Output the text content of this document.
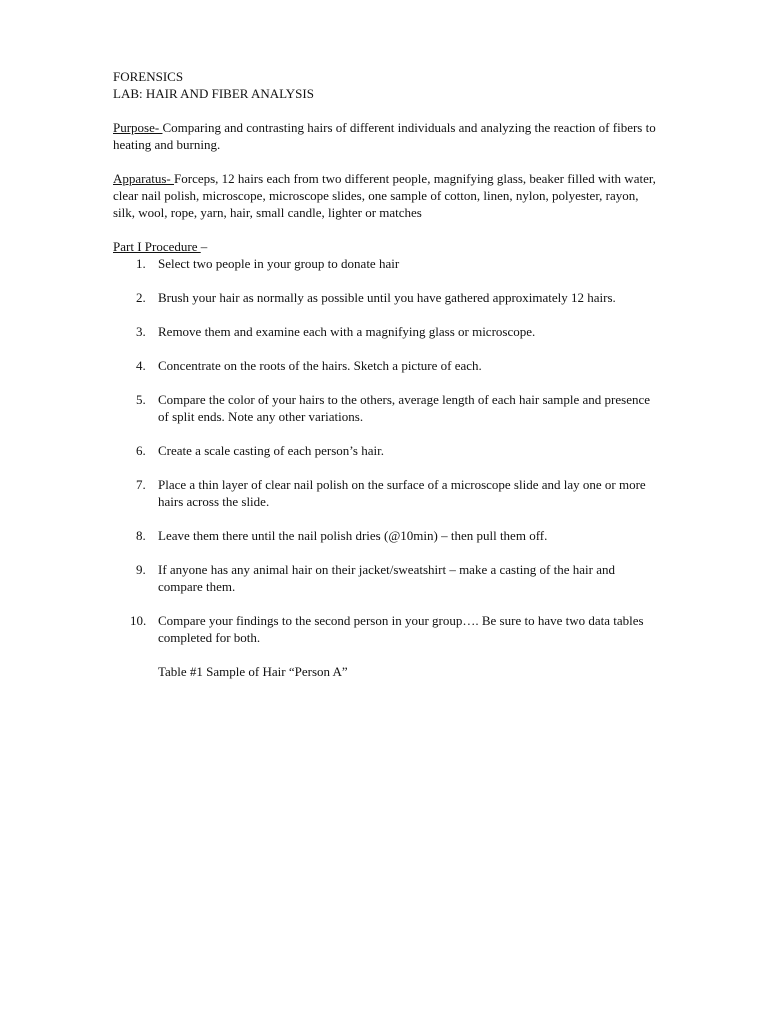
FORENSICS
LAB: HAIR AND FIBER ANALYSIS
Purpose- Comparing and contrasting hairs of different individuals and analyzing the reaction of fibers to heating and burning.
Apparatus- Forceps, 12 hairs each from two different people, magnifying glass, beaker filled with water, clear nail polish, microscope, microscope slides, one sample of cotton, linen, nylon, polyester, rayon, silk, wool, rope, yarn, hair, small candle, lighter or matches
Part I Procedure –
1. Select two people in your group to donate hair
2. Brush your hair as normally as possible until you have gathered approximately 12 hairs.
3. Remove them and examine each with a magnifying glass or microscope.
4. Concentrate on the roots of the hairs. Sketch a picture of each.
5. Compare the color of your hairs to the others, average length of each hair sample and presence of split ends. Note any other variations.
6. Create a scale casting of each person’s hair.
7. Place a thin layer of clear nail polish on the surface of a microscope slide and lay one or more hairs across the slide.
8. Leave them there until the nail polish dries (@10min) – then pull them off.
9. If anyone has any animal hair on their jacket/sweatshirt – make a casting of the hair and compare them.
10. Compare your findings to the second person in your group…. Be sure to have two data tables completed for both.
Table #1 Sample of Hair “Person A”
